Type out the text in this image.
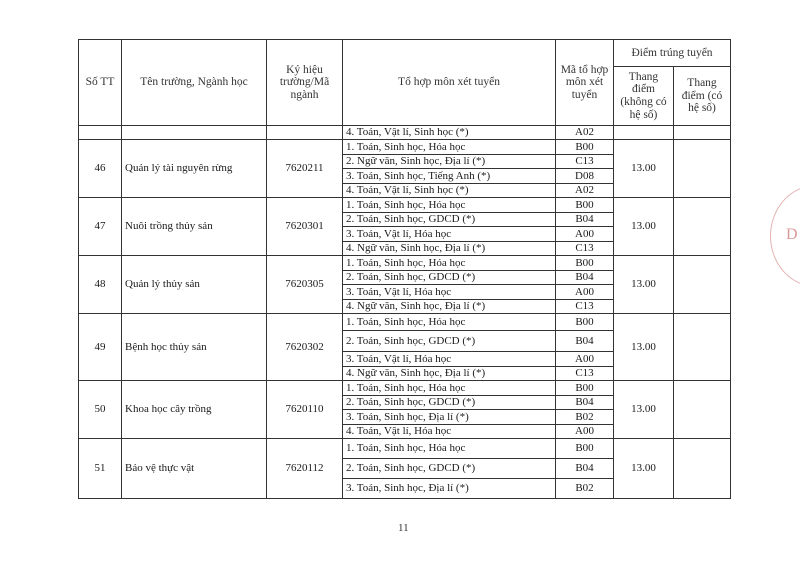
D
Số TT	Tên trường, Ngành học	Ký hiệu trường/Mã ngành	Tổ hợp môn xét tuyển	Mã tổ hợp môn xét tuyển	Điểm trúng tuyển	
					Thang điểm (không có hệ số)	Thang điểm (có hệ số)
			4. Toán, Vật lí, Sinh học (*)	A02		
46	Quản lý tài nguyên rừng	7620211	1. Toán, Sinh học, Hóa học	B00	13.00	
			2. Ngữ văn, Sinh học, Địa lí (*)	C13		
			3. Toán, Sinh học, Tiếng Anh (*)	D08		
			4. Toán, Vật lí, Sinh học (*)	A02		
47	Nuôi trồng thủy sản	7620301	1. Toán, Sinh học, Hóa học	B00	13.00	
			2. Toán, Sinh học, GDCD (*)	B04		
			3. Toán, Vật lí, Hóa học	A00		
			4. Ngữ văn, Sinh học, Địa lí (*)	C13		
48	Quản lý thủy sản	7620305	1. Toán, Sinh học, Hóa học	B00	13.00	
			2. Toán, Sinh học, GDCD (*)	B04		
			3. Toán, Vật lí, Hóa học	A00		
			4. Ngữ văn, Sinh học, Địa lí (*)	C13		
49	Bệnh học thủy sản	7620302	1. Toán, Sinh học, Hóa học	B00	13.00	
			2. Toán, Sinh học, GDCD (*)	B04		
			3. Toán, Vật lí, Hóa học	A00		
			4. Ngữ văn, Sinh học, Địa lí (*)	C13		
50	Khoa học cây trồng	7620110	1. Toán, Sinh học, Hóa học	B00	13.00	
			2. Toán, Sinh học, GDCD (*)	B04		
			3. Toán, Sinh học, Địa lí (*)	B02		
			4. Toán, Vật lí, Hóa học	A00		
51	Bảo vệ thực vật	7620112	1. Toán, Sinh học, Hóa học	B00	13.00	
			2. Toán, Sinh học, GDCD (*)	B04		
			3. Toán, Sinh học, Địa lí (*)	B02		
11
